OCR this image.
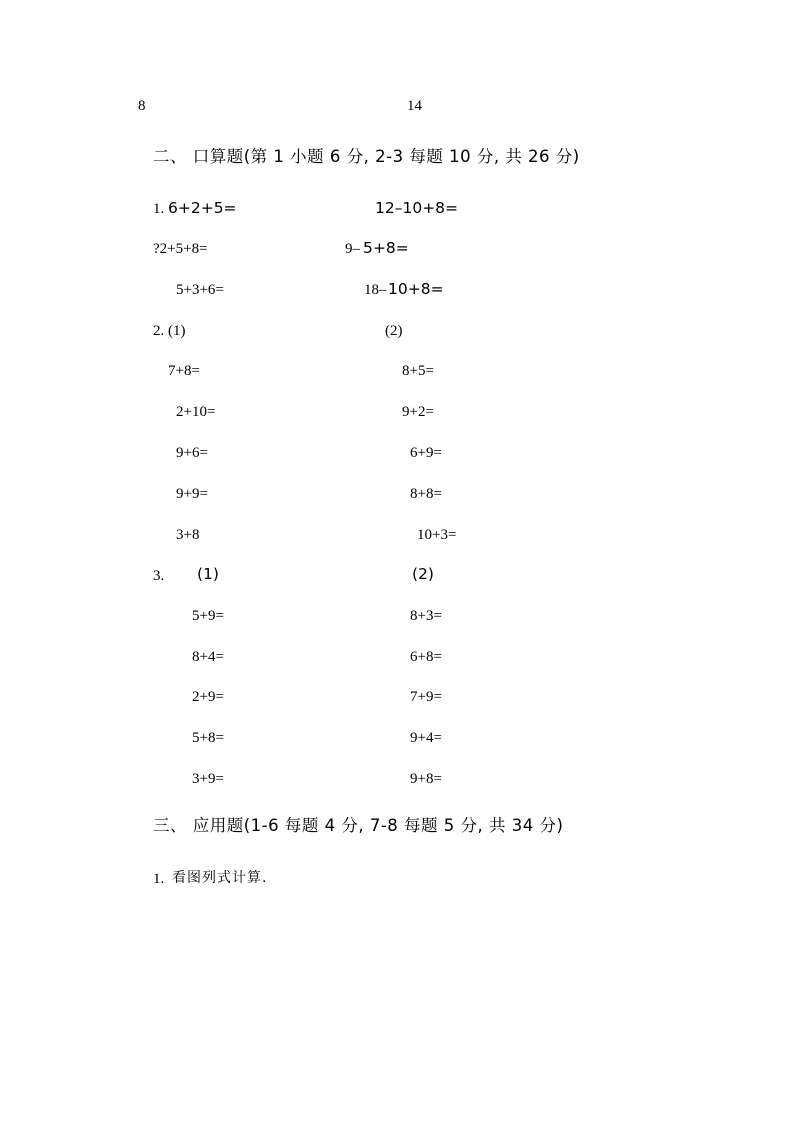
8	14
二、 口算题(第 1 小题 6 分, 2-3 每题 10 分, 共 26 分)
1. 6+2+5=	12–10+8=
?2+5+8=	9– 5+8=
5+3+6=	18– 10+8=
2. (1)	(2)
7+8=	8+5=
2+10=	9+2=
9+6=	6+9=
9+9=	8+8=
3+8	10+3=
3. (1)	(2)
5+9=	8+3=
8+4=	6+8=
2+9=	7+9=
5+8=	9+4=
3+9=	9+8=
三、 应用题(1-6 每题 4 分, 7-8 每题 5 分, 共 34 分)
1. 看图列式计算.
